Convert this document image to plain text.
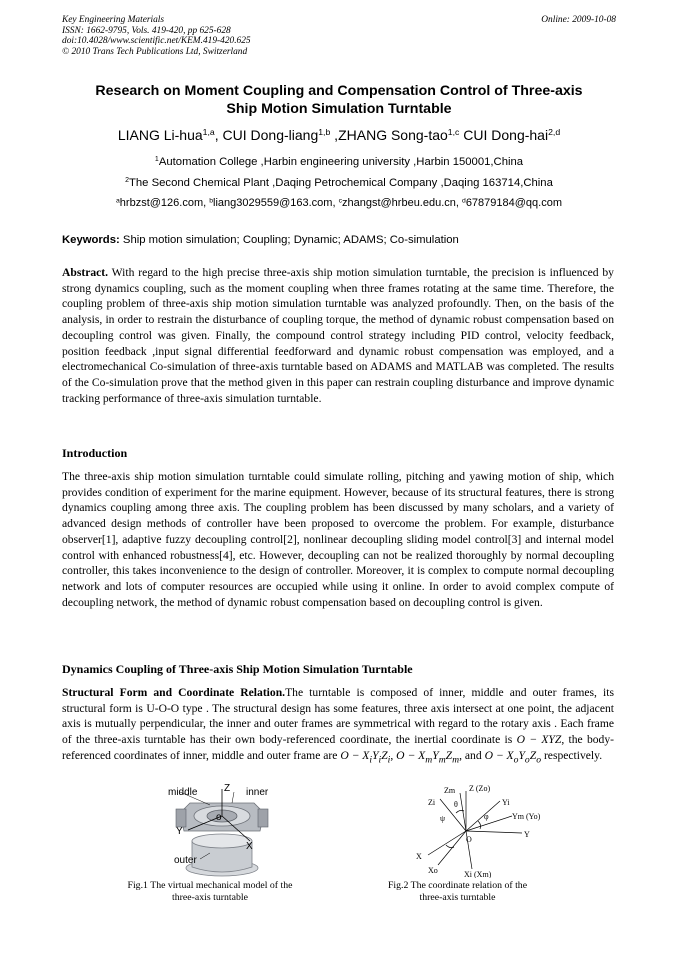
Key Engineering Materials
ISSN: 1662-9795, Vols. 419-420, pp 625-628
doi:10.4028/www.scientific.net/KEM.419-420.625
© 2010 Trans Tech Publications Ltd, Switzerland
Online: 2009-10-08
Research on Moment Coupling and Compensation Control of Three-axis
Ship Motion Simulation Turntable
LIANG Li-hua$^{1,a}$, CUI Dong-liang$^{1,b}$ ,ZHANG Song-tao$^{1,c}$ CUI Dong-hai$^{2,d}$
$^1$Automation College ,Harbin engineering university ,Harbin 150001,China
$^2$The Second Chemical Plant ,Daqing Petrochemical Company ,Daqing 163714,China
$^a$hrbzst@126.com, $^b$liang3029559@163.com, $^c$zhangst@hrbeu.edu.cn, $^d$67879184@qq.com
Keywords: Ship motion simulation; Coupling; Dynamic; ADAMS; Co-simulation
Abstract. With regard to the high precise three-axis ship motion simulation turntable, the precision is influenced by strong dynamics coupling, such as the moment coupling when three frames rotating at the same time. Therefore, the coupling problem of three-axis ship motion simulation turntable was analyzed profoundly. Then, on the basis of the analysis, in order to restrain the disturbance of coupling torque, the method of dynamic robust compensation based on decoupling control was given. Finally, the compound control strategy including PID control, velocity feedback, position feedback ,input signal differential feedforward and dynamic robust compensation was employed, and a electromechanical Co-simulation of three-axis turntable based on ADAMS and MATLAB was completed. The results of the Co-simulation prove that the method given in this paper can restrain coupling disturbance and improve dynamic tracking performance of three-axis simulation turntable.
Introduction
The three-axis ship motion simulation turntable could simulate rolling, pitching and yawing motion of ship, which provides condition of experiment for the marine equipment. However, because of its structural features, there is strong dynamics coupling among three axis. The coupling problem has been discussed by many scholars, and a variety of advanced design methods of controller have been proposed to overcome the problem. For example, disturbance observer[1], adaptive fuzzy decoupling control[2], nonlinear decoupling sliding model control[3] and internal model control with enhanced robustness[4], etc. However, decoupling can not be realized thoroughly by normal decoupling controller, this takes inconvenience to the design of controller. Moreover, it is complex to compute normal decoupling network and lots of computer resources are occupied while using it online. In order to avoid complex compute of decoupling network, the method of dynamic robust compensation based on decoupling control is given.
Dynamics Coupling of Three-axis Ship Motion Simulation Turntable
Structural Form and Coordinate Relation.The turntable is composed of inner, middle and outer frames, its structural form is U-O-O type . The structural design has some features, three axis intersect at one point, the adjacent axis is mutually perpendicular, the inner and outer frames are symmetrical with regard to the rotary axis . Each frame of the three-axis turntable has their own body-referenced coordinate, the inertial coordinate is O − XYZ, the body-referenced coordinates of inner, middle and outer frame are $O - X_iY_iZ_i$, $O - X_mY_mZ_m$, and $O - X_oY_oZ_o$ respectively.
middle	Z inner
Y
o
X
outer
Fig.1 The virtual mechanical model of the
three-axis turntable
Zm Z (Zo)
Zi	Yi
θ
φ
ψ	Ym (Yo)
Y
O
X
Xo	Xi (Xm)
Fig.2 The coordinate relation of the
three-axis turntable
